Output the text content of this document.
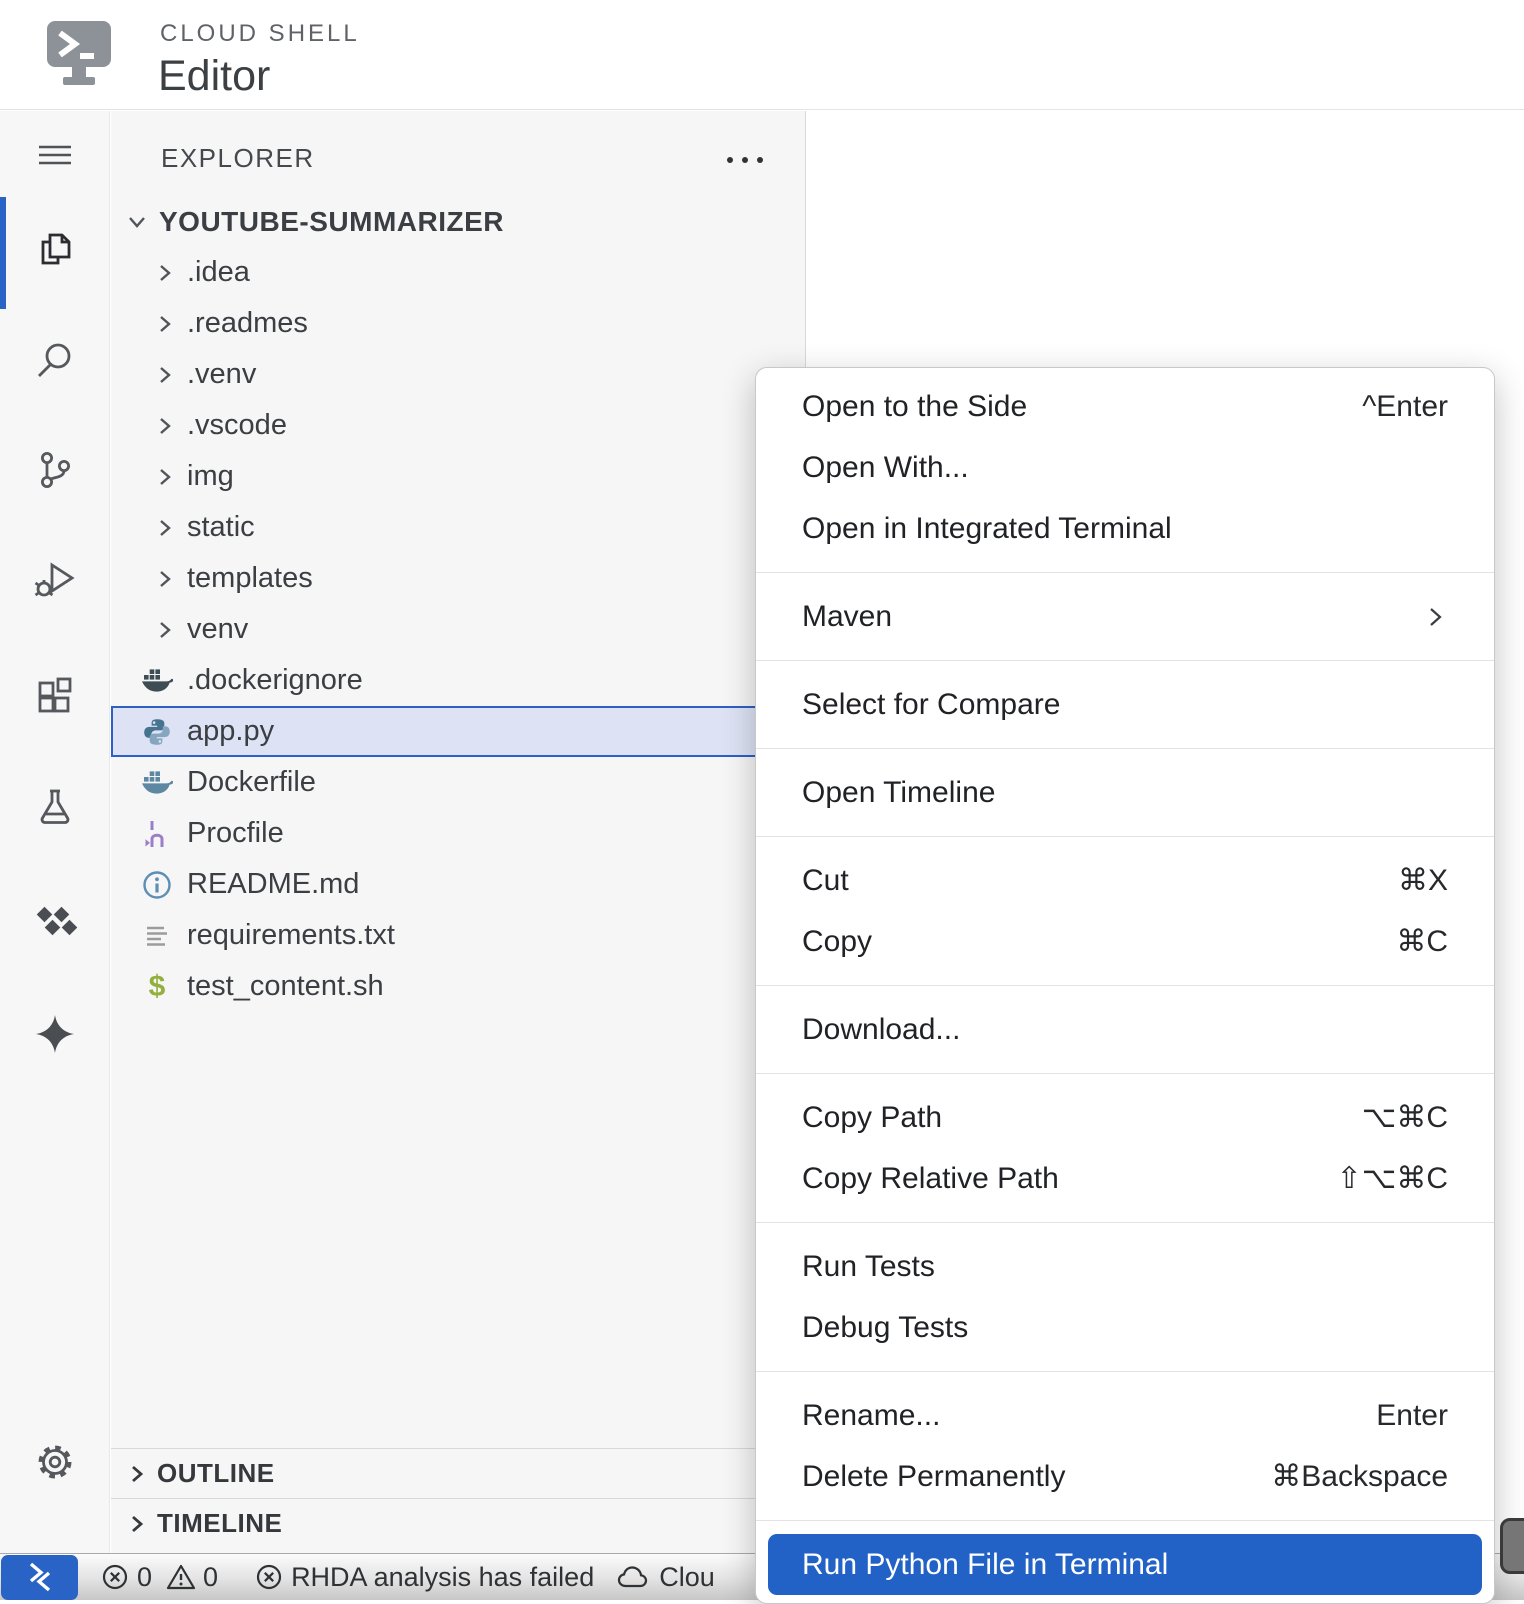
CLOUD SHELL
Editor
EXPLORER
YOUTUBE-SUMMARIZER
.idea
.readmes
.venv
.vscode
img
static
templates
venv
.dockerignore
app.py
Dockerfile
Procfile
README.md
requirements.txt
$ test_content.sh
OUTLINE
TIMELINE
0 0	RHDA analysis has failed Clou
Open to the Side	^Enter
Open With...
Open in Integrated Terminal
Maven
Select for Compare
Open Timeline
Cut	⌘X
Copy	⌘C
Download...
Copy Path	⌥⌘C
Copy Relative Path	⇧⌥⌘C
Run Tests
Debug Tests
Rename...	Enter
Delete Permanently	⌘Backspace
Run Python File in Terminal
